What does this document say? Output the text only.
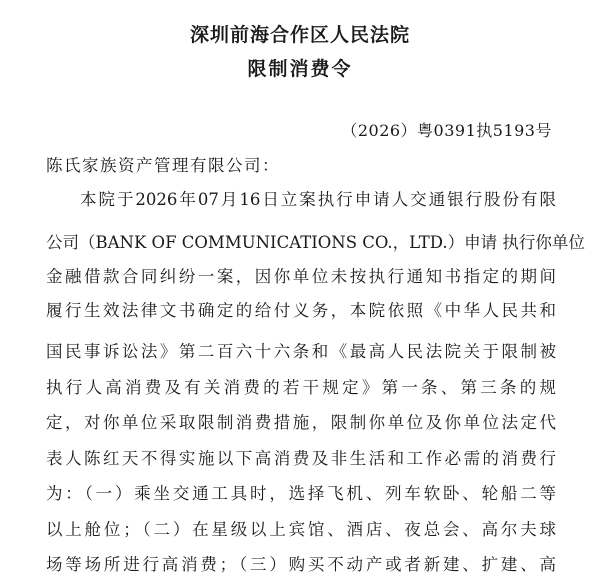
深圳前海合作区人民法院
限制消费令
（2026）粤0391执5193号
陈氏家族资产管理有限公司：
本院于2026年07月16日立案执行申请人交通银行股份有限
公司（BANK OF COMMUNICATIONS CO.，LTD.）申请 执行你单位
金融借款合同纠纷一案，因你单位未按执行通知书指定的期间
履行生效法律文书确定的给付义务，本院依照《中华人民共和
国民事诉讼法》第二百六十六条和《最高人民法院关于限制被
执行人高消费及有关消费的若干规定》第一条、第三条的规
定，对你单位采取限制消费措施，限制你单位及你单位法定代
表人陈红天不得实施以下高消费及非生活和工作必需的消费行
为：（一）乘坐交通工具时，选择飞机、列车软卧、轮船二等
以上舱位；（二）在星级以上宾馆、酒店、夜总会、高尔夫球
场等场所进行高消费；（三）购买不动产或者新建、扩建、高
